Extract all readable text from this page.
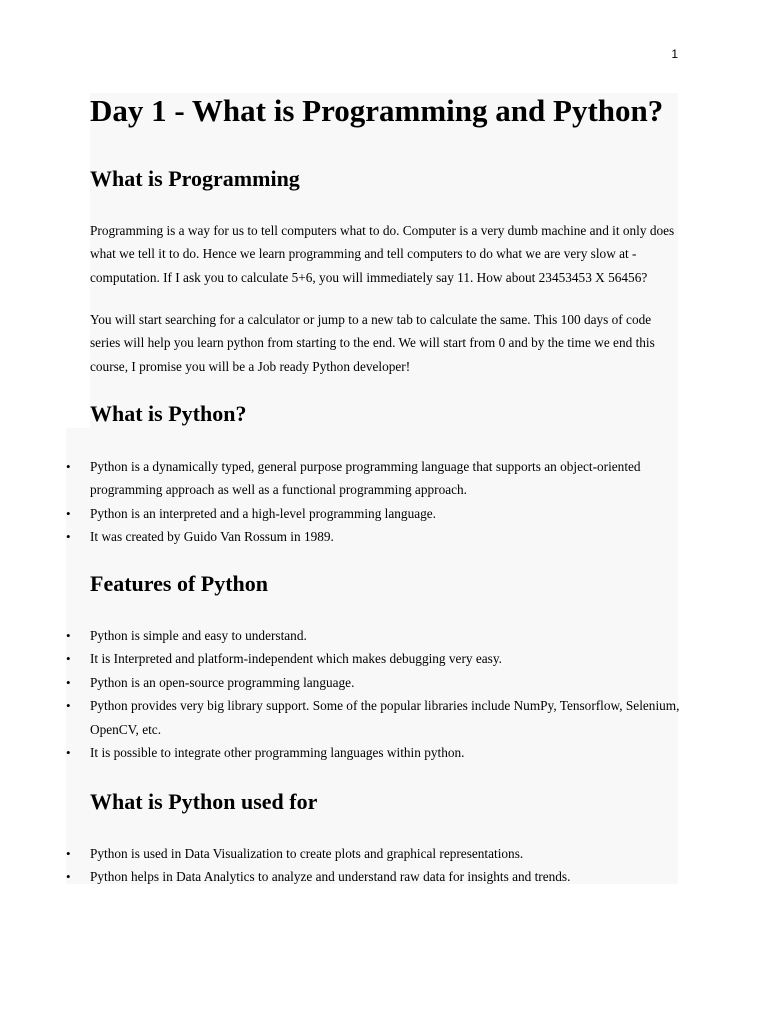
1
Day 1 - What is Programming and Python?
What is Programming

Programming is a way for us to tell computers what to do. Computer is a very dumb machine and it only does what we tell it to do. Hence we learn programming and tell computers to do what we are very slow at - computation. If I ask you to calculate 5+6, you will immediately say 11. How about 23453453 X 56456?

You will start searching for a calculator or jump to a new tab to calculate the same. This 100 days of code series will help you learn python from starting to the end. We will start from 0 and by the time we end this course, I promise you will be a Job ready Python developer!

What is Python?
• Python is a dynamically typed, general purpose programming language that supports an object-oriented programming approach as well as a functional programming approach.
• Python is an interpreted and a high-level programming language.
• It was created by Guido Van Rossum in 1989.
Features of Python
• Python is simple and easy to understand.
• It is Interpreted and platform-independent which makes debugging very easy.
• Python is an open-source programming language.
• Python provides very big library support. Some of the popular libraries include NumPy, Tensorflow, Selenium, OpenCV, etc.
• It is possible to integrate other programming languages within python.
What is Python used for
• Python is used in Data Visualization to create plots and graphical representations.
• Python helps in Data Analytics to analyze and understand raw data for insights and trends.
